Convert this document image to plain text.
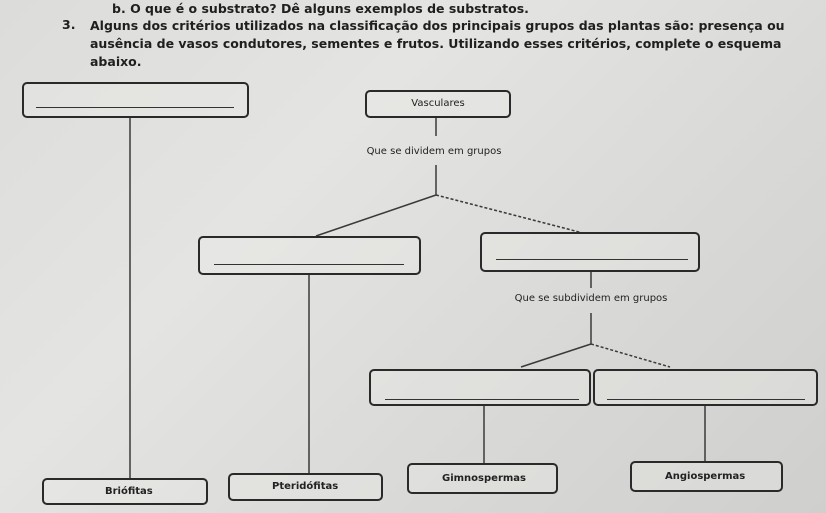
b. O que é o substrato? Dê alguns exemplos de substratos.
3. Alguns dos critérios utilizados na classificação dos principais grupos das plantas são: presença ou
ausência de vasos condutores, sementes e frutos. Utilizando esses critérios, complete o esquema
abaixo.
Vasculares
Que se dividem em grupos
Que se subdividem em grupos
Briófitas	Pteridófitas
Gimnospermas	Angiospermas
